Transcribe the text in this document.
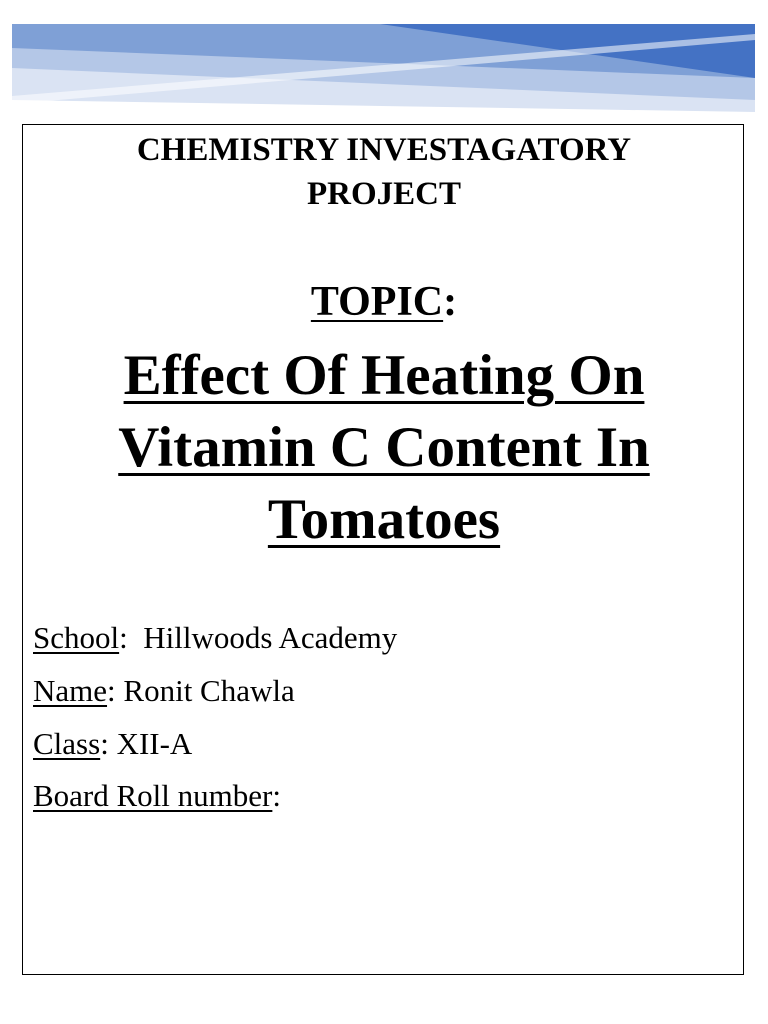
CHEMISTRY INVESTAGATORY
PROJECT
TOPIC:
Effect Of Heating On
Vitamin C Content In
Tomatoes
School:  Hillwoods Academy
Name: Ronit Chawla
Class: XII-A
Board Roll number:
